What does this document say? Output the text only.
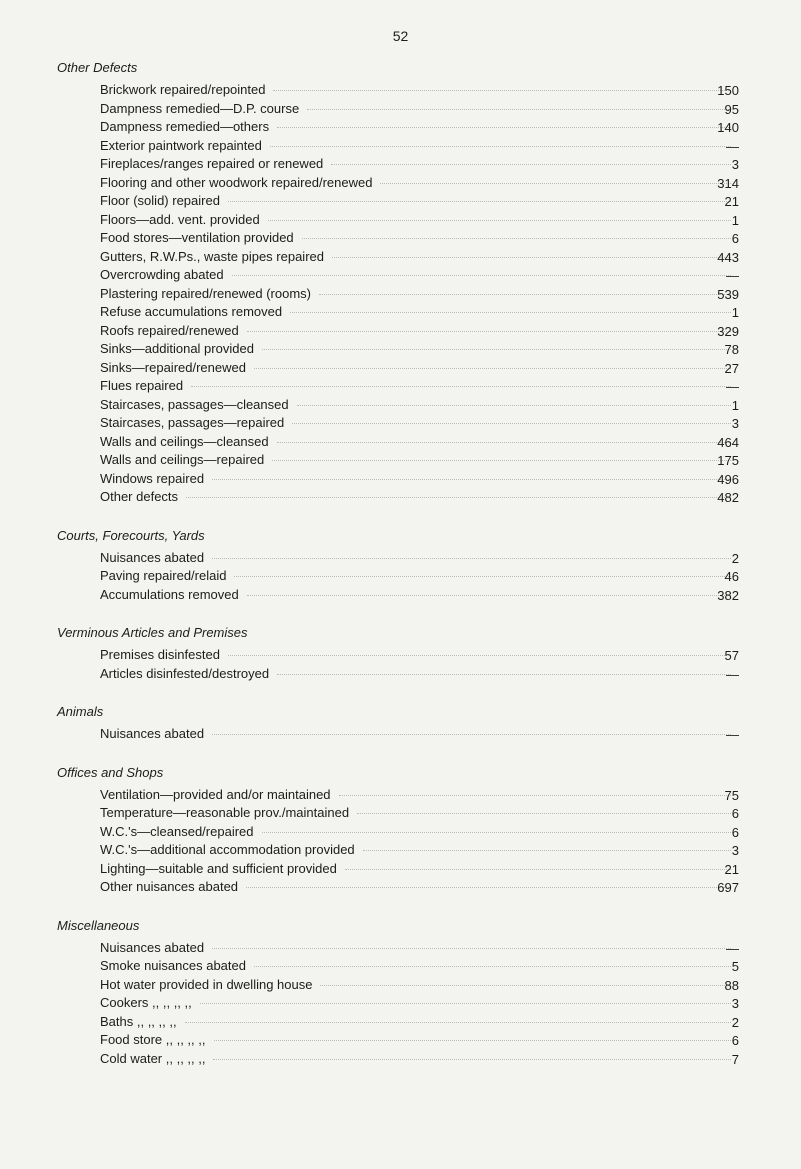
52
Other Defects
Brickwork repaired/repointed	150
Dampness remedied—D.P. course	95
Dampness remedied—others	140
Exterior paintwork repainted	—
Fireplaces/ranges repaired or renewed	3
Flooring and other woodwork repaired/renewed	314
Floor (solid) repaired	21
Floors—add. vent. provided	1
Food stores—ventilation provided	6
Gutters, R.W.Ps., waste pipes repaired	443
Overcrowding abated	—
Plastering repaired/renewed (rooms)	539
Refuse accumulations removed	1
Roofs repaired/renewed	329
Sinks—additional provided	78
Sinks—repaired/renewed	27
Flues repaired	—
Staircases, passages—cleansed	1
Staircases, passages—repaired	3
Walls and ceilings—cleansed	464
Walls and ceilings—repaired	175
Windows repaired	496
Other defects	482
Courts, Forecourts, Yards
Nuisances abated	2
Paving repaired/relaid	46
Accumulations removed	382
Verminous Articles and Premises
Premises disinfested	57
Articles disinfested/destroyed	—
Animals
Nuisances abated	—
Offices and Shops
Ventilation—provided and/or maintained	75
Temperature—reasonable prov./maintained	6
W.C.'s—cleansed/repaired	6
W.C.'s—additional accommodation provided	3
Lighting—suitable and sufficient provided	21
Other nuisances abated	697
Miscellaneous
Nuisances abated	—
Smoke nuisances abated	5
Hot water provided in dwelling house	88
Cookers ,, ,, ,, ,,	3
Baths ,, ,, ,, ,,	2
Food store ,, ,, ,, ,,	6
Cold water ,, ,, ,, ,,	7
